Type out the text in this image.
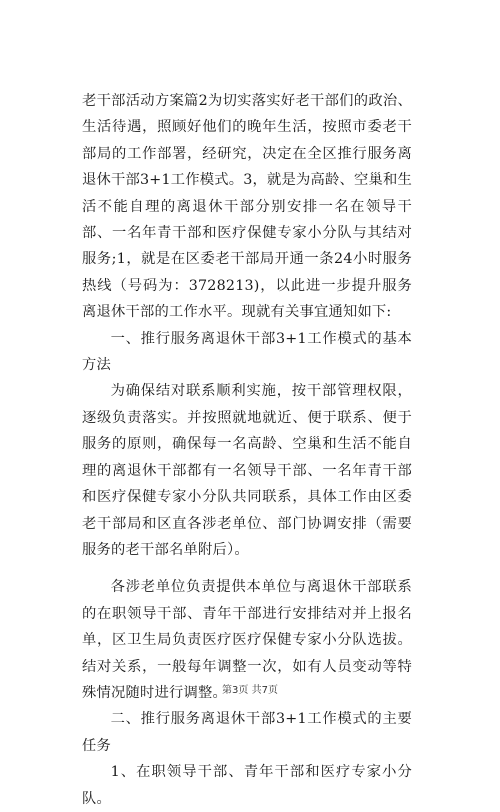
老干部活动方案篇2为切实落实好老干部们的政治、生活待遇，照顾好他们的晚年生活，按照市委老干部局的工作部署，经研究，决定在全区推行服务离退休干部3+1工作模式。3，就是为高龄、空巢和生活不能自理的离退休干部分别安排一名在领导干部、一名年青干部和医疗保健专家小分队与其结对服务;1，就是在区委老干部局开通一条24小时服务热线（号码为：3728213)，以此进一步提升服务离退休干部的工作水平。现就有关事宜通知如下:

一、推行服务离退休干部3+1工作模式的基本方法

为确保结对联系顺利实施，按干部管理权限，逐级负责落实。并按照就地就近、便于联系、便于服务的原则，确保每一名高龄、空巢和生活不能自理的离退休干部都有一名领导干部、一名年青干部和医疗保健专家小分队共同联系，具体工作由区委老干部局和区直各涉老单位、部门协调安排（需要服务的老干部名单附后）。

各涉老单位负责提供本单位与离退休干部联系的在职领导干部、青年干部进行安排结对并上报名单，区卫生局负责医疗医疗保健专家小分队选拔。结对关系，一般每年调整一次，如有人员变动等特殊情况随时进行调整。

二、推行服务离退休干部3+1工作模式的主要任务

1、在职领导干部、青年干部和医疗专家小分队。

第3页 共7页
